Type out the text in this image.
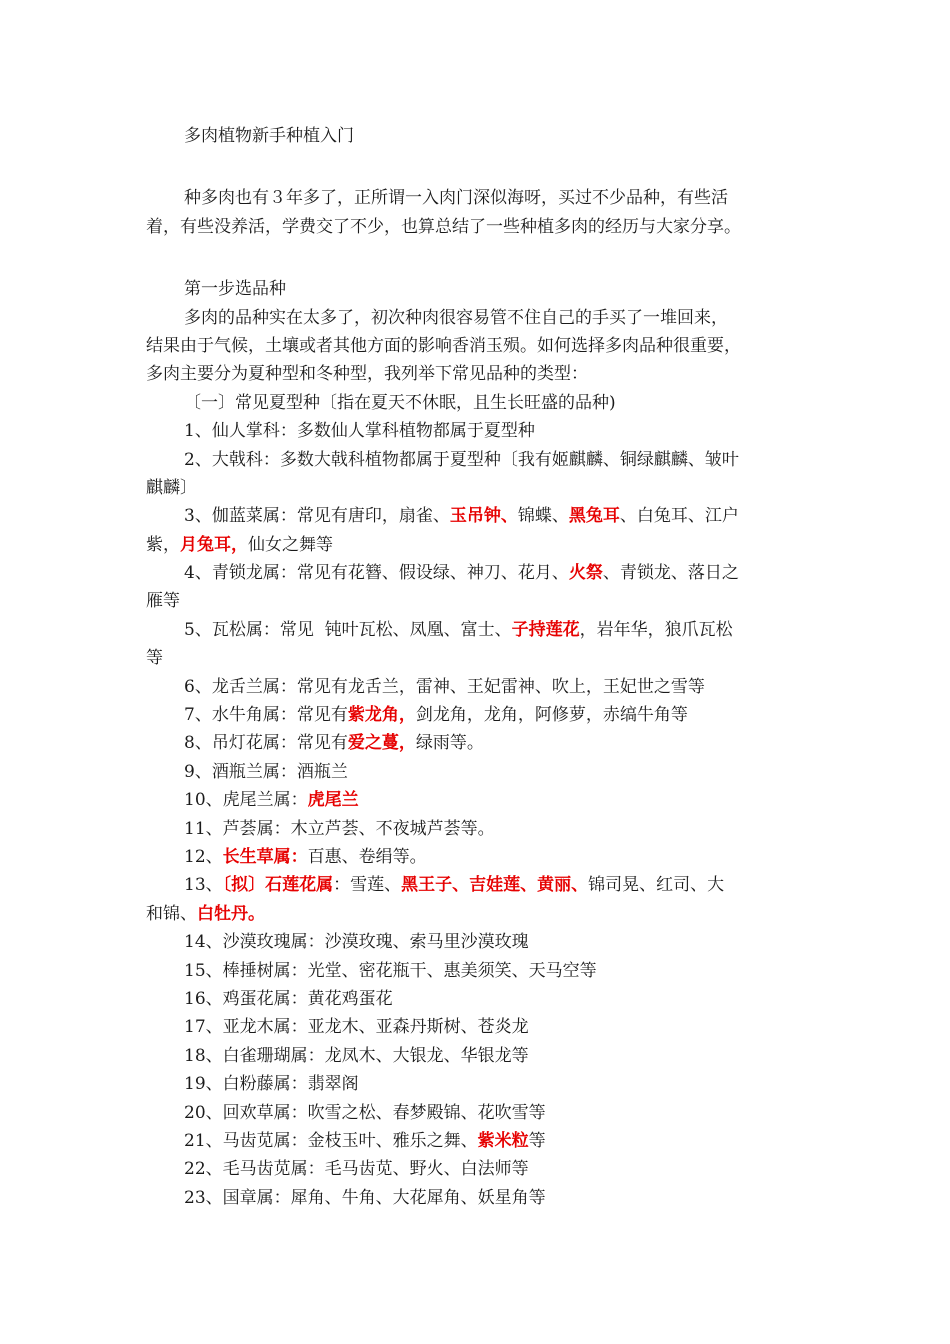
多肉植物新手种植入门
种多肉也有３年多了，正所谓一入肉门深似海呀，买过不少品种，有些活
着，有些没养活，学费交了不少，也算总结了一些种植多肉的经历与大家分享。
第一步选品种
多肉的品种实在太多了，初次种肉很容易管不住自己的手买了一堆回来，
结果由于气候，土壤或者其他方面的影响香消玉殒。如何选择多肉品种很重要，
多肉主要分为夏种型和冬种型，我列举下常见品种的类型：
〔一〕常见夏型种〔指在夏天不休眠，且生长旺盛的品种)
1、仙人掌科：多数仙人掌科植物都属于夏型种
2、大戟科：多数大戟科植物都属于夏型种〔我有姬麒麟、铜绿麒麟、皱叶
麒麟〕
3、伽蓝菜属：常见有唐印，扇雀、玉吊钟、锦蝶、黑兔耳、白兔耳、江户
紫，月兔耳，仙女之舞等
4、青锁龙属：常见有花簪、假设绿、神刀、花月、火祭、青锁龙、落日之
雁等
5、瓦松属：常见  钝叶瓦松、凤凰、富士、子持莲花，岩年华，狼爪瓦松
等
6、龙舌兰属：常见有龙舌兰，雷神、王妃雷神、吹上，王妃世之雪等
7、水牛角属：常见有紫龙角，剑龙角，龙角，阿修萝，赤缟牛角等
8、吊灯花属：常见有爱之蔓，绿雨等。
9、酒瓶兰属：酒瓶兰
10、虎尾兰属：虎尾兰
11、芦荟属：木立芦荟、不夜城芦荟等。
12、长生草属：百惠、卷绢等。
13、〔拟〕石莲花属：雪莲、黑王子、吉娃莲、黄丽、锦司晃、红司、大
和锦、白牡丹。
14、沙漠玫瑰属：沙漠玫瑰、索马里沙漠玫瑰
15、棒捶树属：光堂、密花瓶干、惠美须笑、天马空等
16、鸡蛋花属：黄花鸡蛋花
17、亚龙木属：亚龙木、亚森丹斯树、苍炎龙
18、白雀珊瑚属：龙凤木、大银龙、华银龙等
19、白粉藤属：翡翠阁
20、回欢草属：吹雪之松、春梦殿锦、花吹雪等
21、马齿苋属：金枝玉叶、雅乐之舞、紫米粒等
22、毛马齿苋属：毛马齿苋、野火、白法师等
23、国章属：犀角、牛角、大花犀角、妖星角等
